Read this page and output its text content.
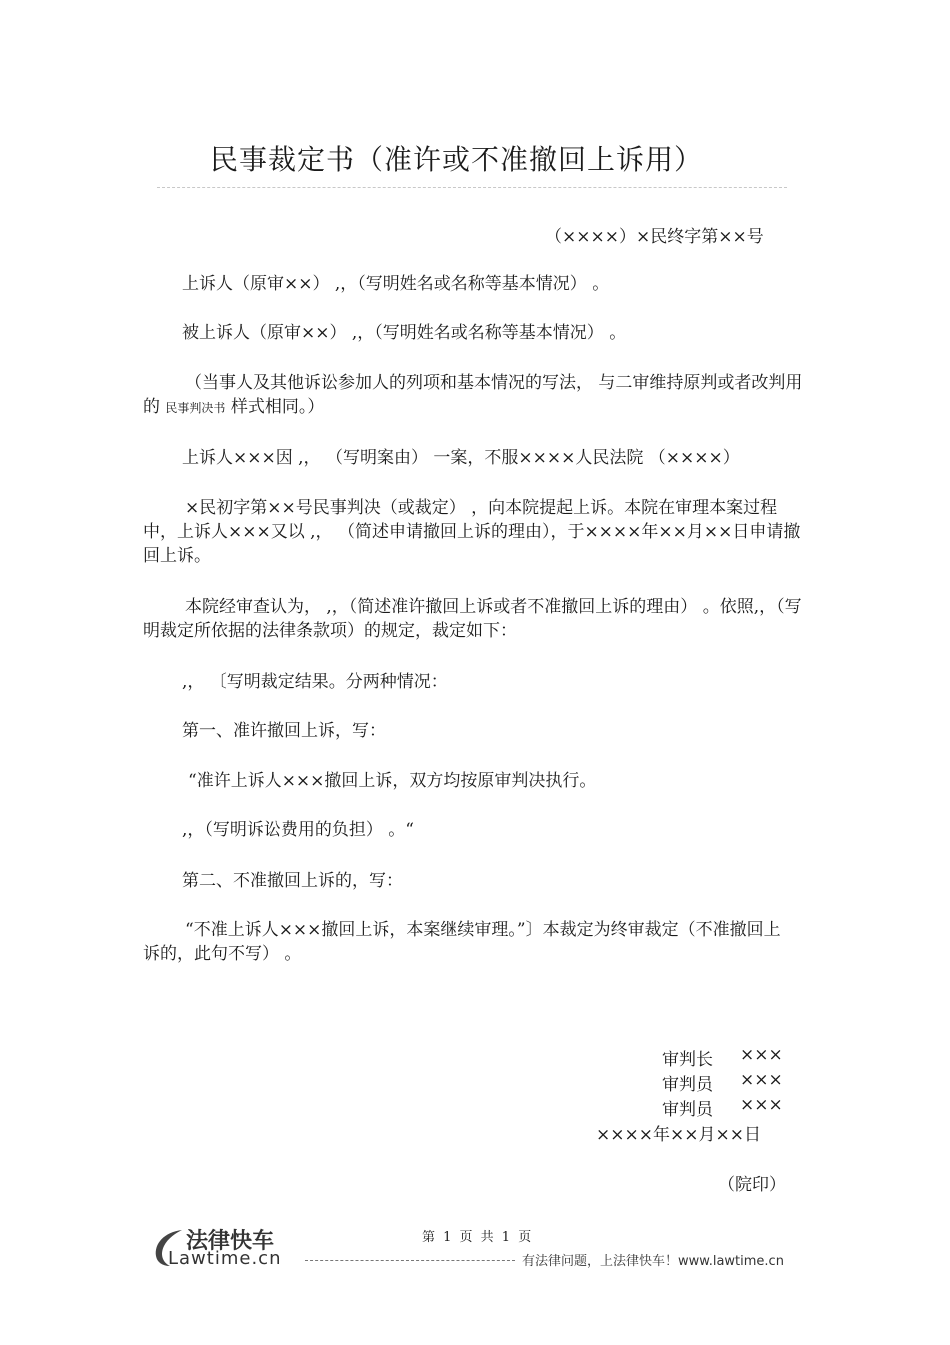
民事裁定书（准许或不准撤回上诉用）
（××××）×民终字第××号
上诉人（原审××） ,，（写明姓名或名称等基本情况） 。
被上诉人（原审××） ,，（写明姓名或名称等基本情况） 。
（当事人及其他诉讼参加人的列项和基本情况的写法， 与二审维持原判或者改判用的 民事判决书 样式相同。）
上诉人×××因 ,， （写明案由） 一案，不服××××人民法院 （××××）
×民初字第××号民事判决（或裁定） ，向本院提起上诉。本院在审理本案过程中，上诉人×××又以 ,， （简述申请撤回上诉的理由），于××××年××月××日申请撤回上诉。
本院经审查认为， ,，（简述准许撤回上诉或者不准撤回上诉的理由） 。依照,，（写明裁定所依据的法律条款项）的规定，裁定如下：
,， 〔写明裁定结果。分两种情况：
第一、准许撤回上诉，写：
“准许上诉人×××撤回上诉，双方均按原审判决执行。
,，（写明诉讼费用的负担） 。“
第二、不准撤回上诉的，写：
“不准上诉人×××撤回上诉，本案继续审理。”〕本裁定为终审裁定（不准撤回上诉的，此句不写） 。
审判长 ×××
审判员 ×××
审判员 ×××
××××年××月××日
（院印）
第 1 页 共 1 页
法律快车
Lawtime.cn	有法律问题，上法律快车！www.lawtime.cn
